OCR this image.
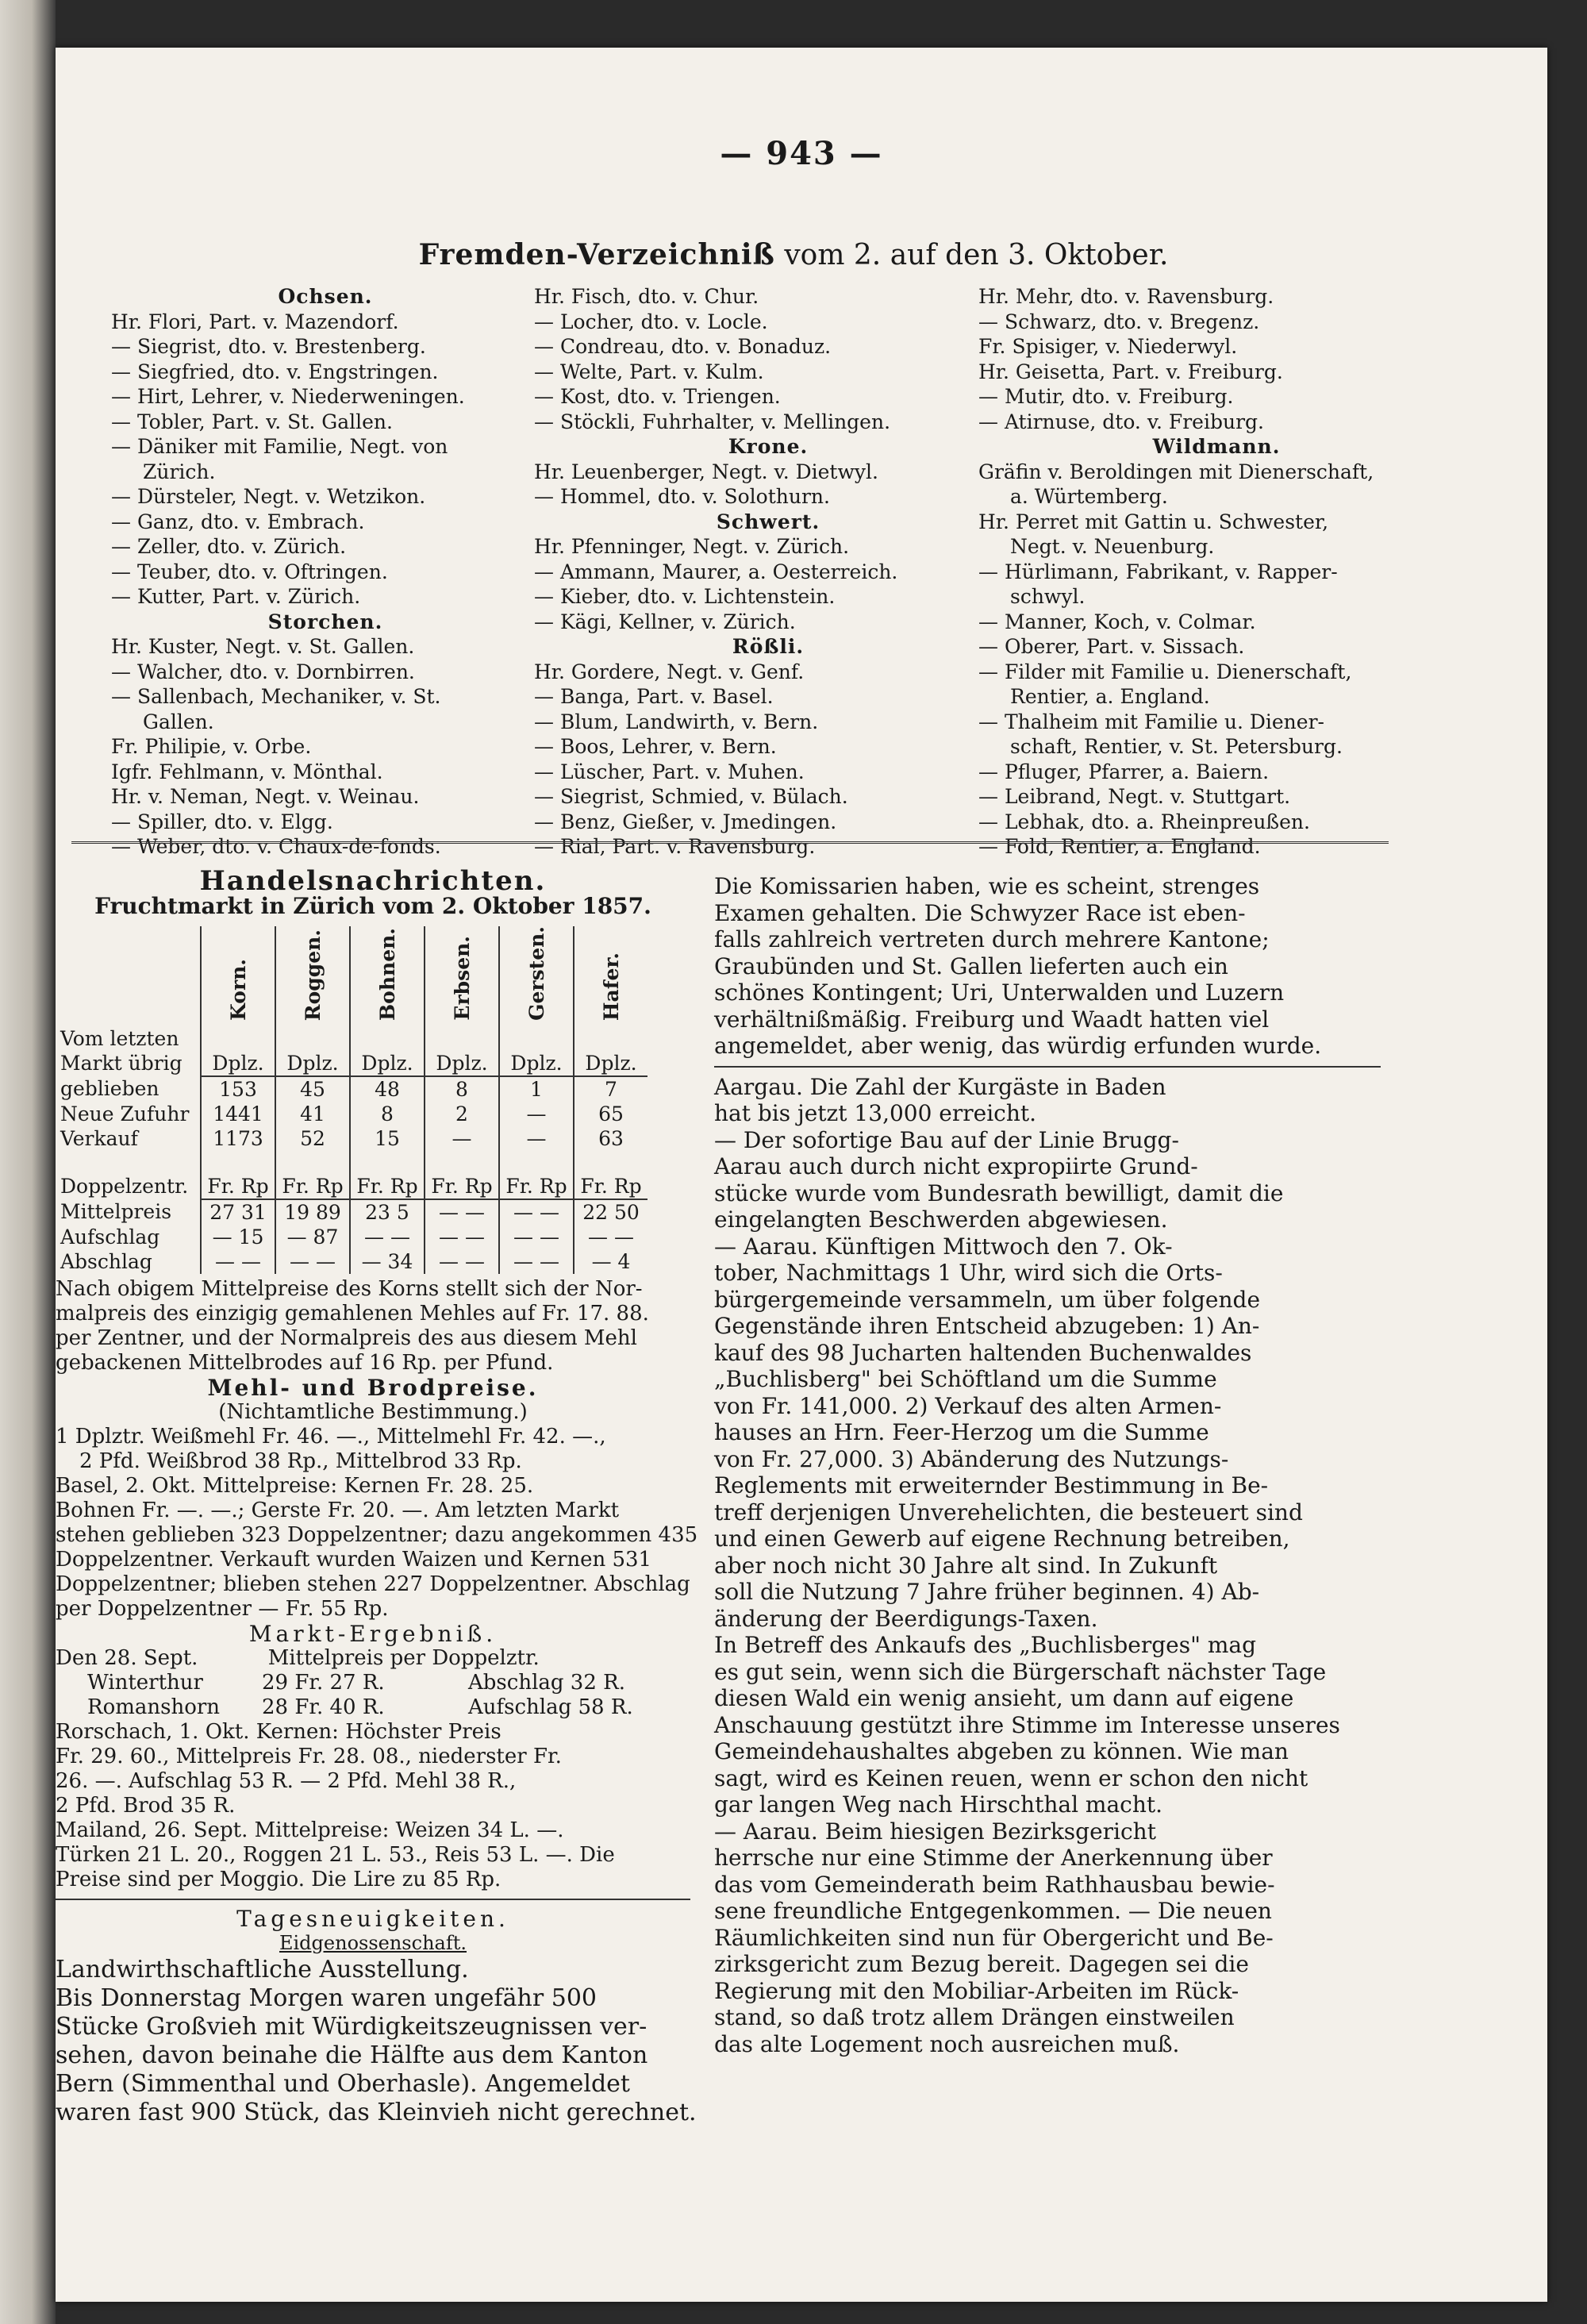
— 943 —
Fremden-Verzeichniß vom 2. auf den 3. Oktober.
Ochsen.
Hr. Flori, Part. v. Mazendorf.
— Siegrist, dto. v. Brestenberg.
— Siegfried, dto. v. Engstringen.
— Hirt, Lehrer, v. Niederweningen.
— Tobler, Part. v. St. Gallen.
— Däniker mit Familie, Negt. von
Zürich.
— Dürsteler, Negt. v. Wetzikon.
— Ganz, dto. v. Embrach.
— Zeller, dto. v. Zürich.
— Teuber, dto. v. Oftringen.
— Kutter, Part. v. Zürich.
Storchen.
Hr. Kuster, Negt. v. St. Gallen.
— Walcher, dto. v. Dornbirren.
— Sallenbach, Mechaniker, v. St.
Gallen.
Fr. Philipie, v. Orbe.
Igfr. Fehlmann, v. Mönthal.
Hr. v. Neman, Negt. v. Weinau.
— Spiller, dto. v. Elgg.
— Weber, dto. v. Chaux-de-fonds.
Hr. Fisch, dto. v. Chur.
— Locher, dto. v. Locle.
— Condreau, dto. v. Bonaduz.
— Welte, Part. v. Kulm.
— Kost, dto. v. Triengen.
— Stöckli, Fuhrhalter, v. Mellingen.
Krone.
Hr. Leuenberger, Negt. v. Dietwyl.
— Hommel, dto. v. Solothurn.
Schwert.
Hr. Pfenninger, Negt. v. Zürich.
— Ammann, Maurer, a. Oesterreich.
— Kieber, dto. v. Lichtenstein.
— Kägi, Kellner, v. Zürich.
Rößli.
Hr. Gordere, Negt. v. Genf.
— Banga, Part. v. Basel.
— Blum, Landwirth, v. Bern.
— Boos, Lehrer, v. Bern.
— Lüscher, Part. v. Muhen.
— Siegrist, Schmied, v. Bülach.
— Benz, Gießer, v. Jmedingen.
— Rial, Part. v. Ravensburg.
Hr. Mehr, dto. v. Ravensburg.
— Schwarz, dto. v. Bregenz.
Fr. Spisiger, v. Niederwyl.
Hr. Geisetta, Part. v. Freiburg.
— Mutir, dto. v. Freiburg.
— Atirnuse, dto. v. Freiburg.
Wildmann.
Gräfin v. Beroldingen mit Dienerschaft,
a. Würtemberg.
Hr. Perret mit Gattin u. Schwester,
Negt. v. Neuenburg.
— Hürlimann, Fabrikant, v. Rapper-
schwyl.
— Manner, Koch, v. Colmar.
— Oberer, Part. v. Sissach.
— Filder mit Familie u. Dienerschaft,
Rentier, a. England.
— Thalheim mit Familie u. Diener-
schaft, Rentier, v. St. Petersburg.
— Pfluger, Pfarrer, a. Baiern.
— Leibrand, Negt. v. Stuttgart.
— Lebhak, dto. a. Rheinpreußen.
— Fold, Rentier, a. England.
Handelsnachrichten.
Fruchtmarkt in Zürich vom 2. Oktober 1857.
	Korn.	Roggen.	Bohnen.	Erbsen.	Gersten.	Hafer.
Vom letzten						
Markt übrig	Dplz.	Dplz.	Dplz.	Dplz.	Dplz.	Dplz.
geblieben	153	45	48	8	1	7
Neue Zufuhr	1441	41	8	2	—	65
Verkauf	1173	52	15	—	—	63

Doppelzentr.	Fr. Rp	Fr. Rp	Fr. Rp	Fr. Rp	Fr. Rp	Fr. Rp
Mittelpreis	27 31	19 89	23 5	— —	— —	22 50
Aufschlag	— 15	— 87	— —	— —	— —	— —
Abschlag	— —	— —	— 34	— —	— —	— 4
Nach obigem Mittelpreise des Korns stellt sich der Nor-
malpreis des einzigig gemahlenen Mehles auf Fr. 17. 88.
per Zentner, und der Normalpreis des aus diesem Mehl
gebackenen Mittelbrodes auf 16 Rp. per Pfund.
Mehl- und Brodpreise.
(Nichtamtliche Bestimmung.)
1 Dplztr. Weißmehl Fr. 46. —., Mittelmehl Fr. 42. —.,
2 Pfd. Weißbrod 38 Rp., Mittelbrod 33 Rp.
Basel, 2. Okt. Mittelpreise: Kernen Fr. 28. 25.
Bohnen Fr. —. —.; Gerste Fr. 20. —. Am letzten Markt
stehen geblieben 323 Doppelzentner; dazu angekommen 435
Doppelzentner. Verkauft wurden Waizen und Kernen 531
Doppelzentner; blieben stehen 227 Doppelzentner. Abschlag
per Doppelzentner — Fr. 55 Rp.
Markt-Ergebniß.
Den 28. Sept.	Mittelpreis per Doppelztr.
Winterthur	29 Fr. 27 R.	Abschlag 32 R.
Romanshorn	28 Fr. 40 R.	Aufschlag 58 R.
Rorschach, 1. Okt. Kernen: Höchster Preis
Fr. 29. 60., Mittelpreis Fr. 28. 08., niederster Fr.
26. —. Aufschlag 53 R. — 2 Pfd. Mehl 38 R.,
2 Pfd. Brod 35 R.
Mailand, 26. Sept. Mittelpreise: Weizen 34 L. —.
Türken 21 L. 20., Roggen 21 L. 53., Reis 53 L. —. Die
Preise sind per Moggio. Die Lire zu 85 Rp.
Tagesneuigkeiten.
Eidgenossenschaft.
Landwirthschaftliche Ausstellung.
Bis Donnerstag Morgen waren ungefähr 500
Stücke Großvieh mit Würdigkeitszeugnissen ver-
sehen, davon beinahe die Hälfte aus dem Kanton
Bern (Simmenthal und Oberhasle). Angemeldet
waren fast 900 Stück, das Kleinvieh nicht gerechnet.
Die Komissarien haben, wie es scheint, strenges
Examen gehalten. Die Schwyzer Race ist eben-
falls zahlreich vertreten durch mehrere Kantone;
Graubünden und St. Gallen lieferten auch ein
schönes Kontingent; Uri, Unterwalden und Luzern
verhältnißmäßig. Freiburg und Waadt hatten viel
angemeldet, aber wenig, das würdig erfunden wurde.
Aargau. Die Zahl der Kurgäste in Baden
hat bis jetzt 13,000 erreicht.
— Der sofortige Bau auf der Linie Brugg-
Aarau auch durch nicht expropiirte Grund-
stücke wurde vom Bundesrath bewilligt, damit die
eingelangten Beschwerden abgewiesen.
— Aarau. Künftigen Mittwoch den 7. Ok-
tober, Nachmittags 1 Uhr, wird sich die Orts-
bürgergemeinde versammeln, um über folgende
Gegenstände ihren Entscheid abzugeben: 1) An-
kauf des 98 Jucharten haltenden Buchenwaldes
„Buchlisberg" bei Schöftland um die Summe
von Fr. 141,000. 2) Verkauf des alten Armen-
hauses an Hrn. Feer-Herzog um die Summe
von Fr. 27,000. 3) Abänderung des Nutzungs-
Reglements mit erweiternder Bestimmung in Be-
treff derjenigen Unverehelichten, die besteuert sind
und einen Gewerb auf eigene Rechnung betreiben,
aber noch nicht 30 Jahre alt sind. In Zukunft
soll die Nutzung 7 Jahre früher beginnen. 4) Ab-
änderung der Beerdigungs-Taxen.
In Betreff des Ankaufs des „Buchlisberges" mag
es gut sein, wenn sich die Bürgerschaft nächster Tage
diesen Wald ein wenig ansieht, um dann auf eigene
Anschauung gestützt ihre Stimme im Interesse unseres
Gemeindehaushaltes abgeben zu können. Wie man
sagt, wird es Keinen reuen, wenn er schon den nicht
gar langen Weg nach Hirschthal macht.
— Aarau. Beim hiesigen Bezirksgericht
herrsche nur eine Stimme der Anerkennung über
das vom Gemeinderath beim Rathhausbau bewie-
sene freundliche Entgegenkommen. — Die neuen
Räumlichkeiten sind nun für Obergericht und Be-
zirksgericht zum Bezug bereit. Dagegen sei die
Regierung mit den Mobiliar-Arbeiten im Rück-
stand, so daß trotz allem Drängen einstweilen
das alte Logement noch ausreichen muß.
